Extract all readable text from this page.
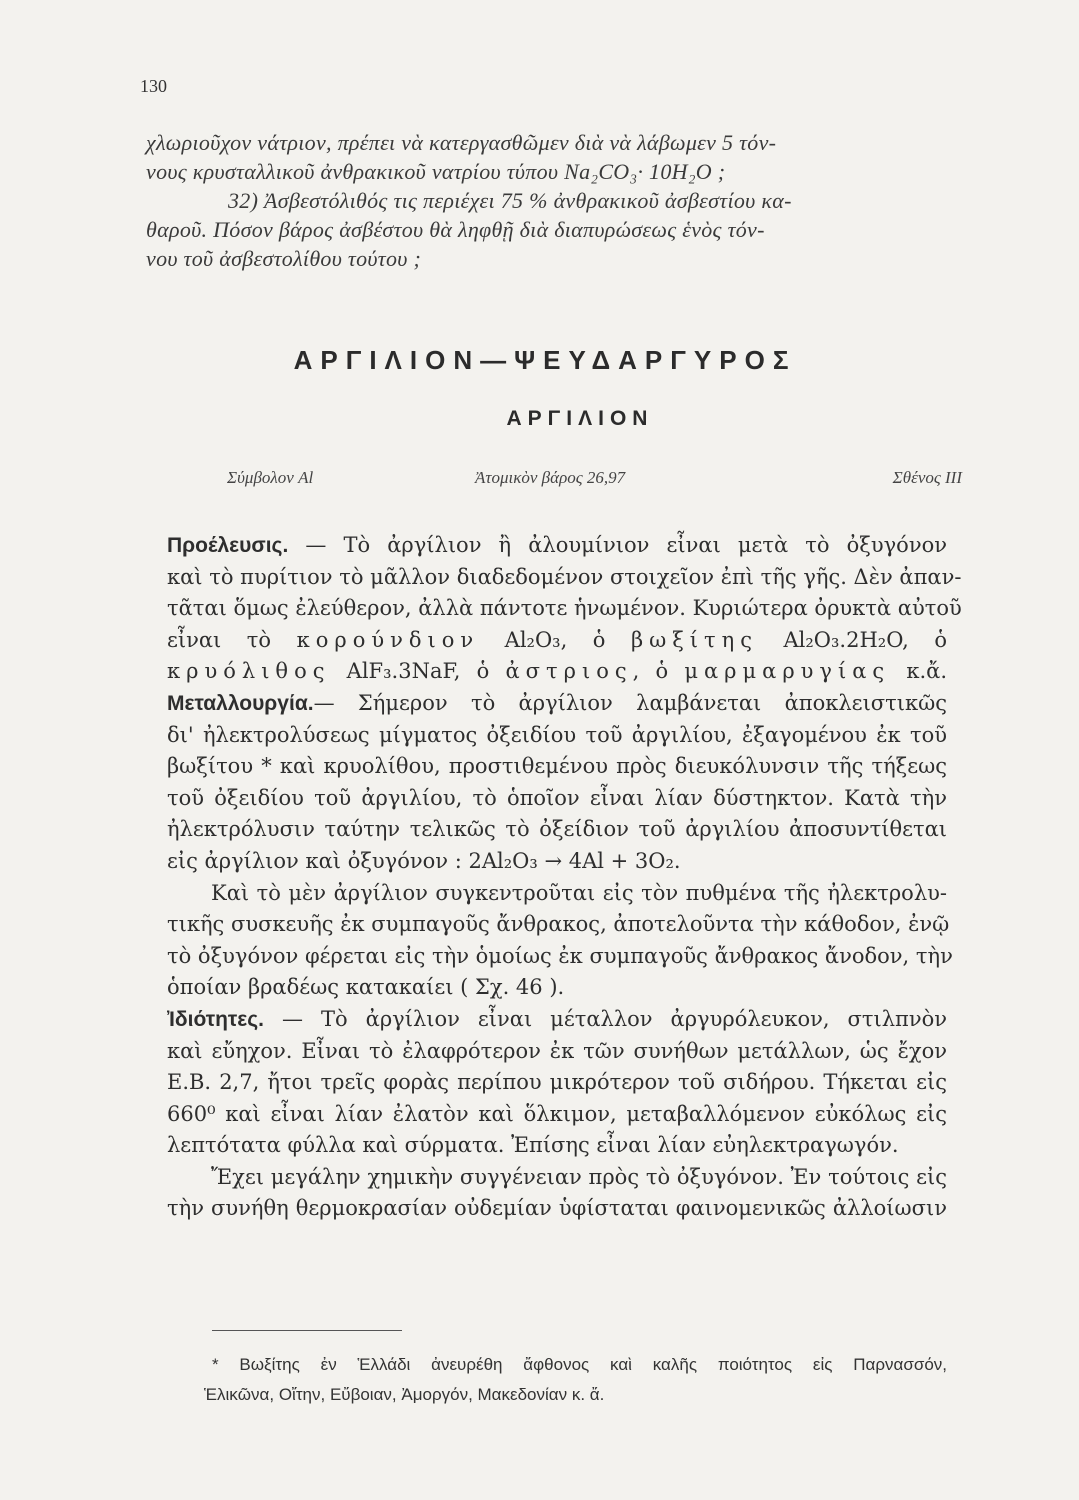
130
χλωριοῦχον νάτριον, πρέπει νὰ κατεργασθῶμεν διὰ νὰ λάβωμεν 5 τόν-
νους κρυσταλλικοῦ ἀνθρακικοῦ νατρίου τύπου Na₂CO₃· 10H₂O ;
32) Ἀσβεστόλιθός τις περιέχει 75 % ἀνθρακικοῦ ἀσβεστίου κα-
θαροῦ. Πόσον βάρος ἀσβέστου θὰ ληφθῇ διὰ διαπυρώσεως ἑνὸς τόν-
νου τοῦ ἀσβεστολίθου τούτου ;
ΑΡΓΙΛΙΟΝ—ΨΕΥΔΑΡΓΥΡΟΣ
ΑΡΓΙΛΙΟΝ
Σύμβολον Al	Ἀτομικὸν βάρος 26,97	Σθένος III
Προέλευσις. — Τὸ ἀργίλιον ἢ ἀλουμίνιον εἶναι μετὰ τὸ ὀξυγόνον
καὶ τὸ πυρίτιον τὸ μᾶλλον διαδεδομένον στοιχεῖον ἐπὶ τῆς γῆς. Δὲν ἀπαν-
τᾶται ὅμως ἐλεύθερον, ἀλλὰ πάντοτε ἡνωμένον. Κυριώτερα ὀρυκτὰ αὐτοῦ
εἶναι τὸ κορούνδιον Al₂O₃, ὁ βωξίτης Al₂O₃.2H₂O, ὁ
κρυόλιθος AlF₃.3NaF, ὁ ἀστριος, ὁ μαρμαρυγίας κ.ἄ.
Μεταλλουργία.— Σήμερον τὸ ἀργίλιον λαμβάνεται ἀποκλειστικῶς
δι' ἠλεκτρολύσεως μίγματος ὀξειδίου τοῦ ἀργιλίου, ἐξαγομένου ἐκ τοῦ
βωξίτου * καὶ κρυολίθου, προστιθεμένου πρὸς διευκόλυνσιν τῆς τήξεως
τοῦ ὀξειδίου τοῦ ἀργιλίου, τὸ ὁποῖον εἶναι λίαν δύστηκτον. Κατὰ τὴν
ἠλεκτρόλυσιν ταύτην τελικῶς τὸ ὀξείδιον τοῦ ἀργιλίου ἀποσυντίθεται
εἰς ἀργίλιον καὶ ὀξυγόνον : 2Al₂O₃ → 4Al + 3O₂.
Καὶ τὸ μὲν ἀργίλιον συγκεντροῦται εἰς τὸν πυθμένα τῆς ἠλεκτρολυ-
τικῆς συσκευῆς ἐκ συμπαγοῦς ἄνθρακος, ἀποτελοῦντα τὴν κάθοδον, ἐνῷ
τὸ ὀξυγόνον φέρεται εἰς τὴν ὁμοίως ἐκ συμπαγοῦς ἄνθρακος ἄνοδον, τὴν
ὁποίαν βραδέως κατακαίει ( Σχ. 46 ).
Ἰδιότητες. — Τὸ ἀργίλιον εἶναι μέταλλον ἀργυρόλευκον, στιλπνὸν
καὶ εὔηχον. Εἶναι τὸ ἐλαφρότερον ἐκ τῶν συνήθων μετάλλων, ὡς ἔχον
Ε.Β. 2,7, ἤτοι τρεῖς φορὰς περίπου μικρότερον τοῦ σιδήρου. Τήκεται εἰς
660⁰ καὶ εἶναι λίαν ἐλατὸν καὶ ὅλκιμον, μεταβαλλόμενον εὐκόλως εἰς
λεπτότατα φύλλα καὶ σύρματα. Ἐπίσης εἶναι λίαν εὐηλεκτραγωγόν.
Ἔχει μεγάλην χημικὴν συγγένειαν πρὸς τὸ ὀξυγόνον. Ἐν τούτοις εἰς
τὴν συνήθη θερμοκρασίαν οὐδεμίαν ὑφίσταται φαινομενικῶς ἀλλοίωσιν
* Βωξίτης ἐν Ἑλλάδι ἀνευρέθη ἄφθονος καὶ καλῆς ποιότητος εἰς Παρνασσόν,
Ἑλικῶνα, Οἴτην, Εὔβοιαν, Ἀμοργόν, Μακεδονίαν κ. ἄ.
